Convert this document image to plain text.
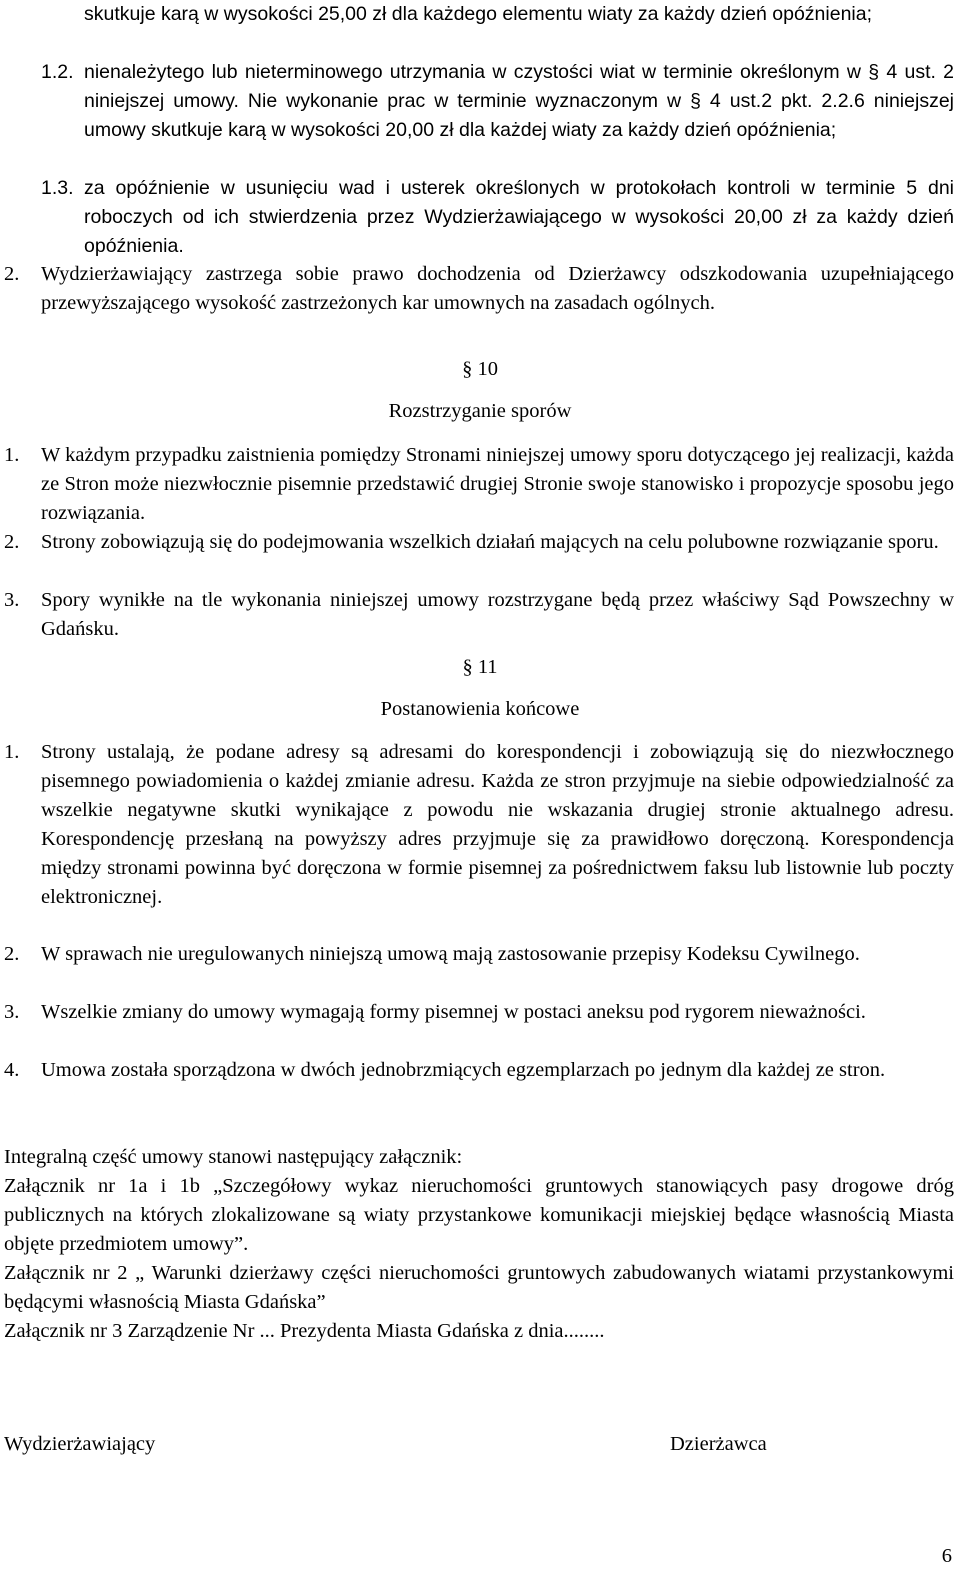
skutkuje karą w wysokości 25,00 zł dla każdego elementu wiaty za każdy dzień opóźnienia;
1.2. nienależytego lub nieterminowego utrzymania w czystości wiat w terminie określonym w § 4 ust. 2 niniejszej umowy. Nie wykonanie prac w terminie wyznaczonym w § 4 ust.2 pkt. 2.2.6 niniejszej umowy skutkuje karą w wysokości 20,00 zł dla każdej wiaty za każdy dzień opóźnienia;
1.3. za opóźnienie w usunięciu wad i usterek określonych w protokołach kontroli w terminie 5 dni roboczych od ich stwierdzenia przez Wydzierżawiającego w wysokości 20,00 zł za każdy dzień opóźnienia.
2. Wydzierżawiający zastrzega sobie prawo dochodzenia od Dzierżawcy odszkodowania uzupełniającego przewyższającego wysokość zastrzeżonych kar umownych na zasadach ogólnych.
§ 10
Rozstrzyganie sporów
1. W każdym przypadku zaistnienia pomiędzy Stronami niniejszej umowy sporu dotyczącego jej realizacji, każda ze Stron może niezwłocznie pisemnie przedstawić drugiej Stronie swoje stanowisko i propozycje sposobu jego rozwiązania.
2. Strony zobowiązują się do podejmowania wszelkich działań mających na celu polubowne rozwiązanie sporu.
3. Spory wynikłe na tle wykonania niniejszej umowy rozstrzygane będą przez właściwy Sąd Powszechny w Gdańsku.
§ 11
Postanowienia końcowe
1. Strony ustalają, że podane adresy są adresami do korespondencji i zobowiązują się do niezwłocznego pisemnego powiadomienia o każdej zmianie adresu. Każda ze stron przyjmuje na siebie odpowiedzialność za wszelkie negatywne skutki wynikające z powodu nie wskazania drugiej stronie aktualnego adresu. Korespondencję przesłaną na powyższy adres przyjmuje się za prawidłowo doręczoną. Korespondencja między stronami powinna być doręczona w formie pisemnej za pośrednictwem faksu lub listownie lub poczty elektronicznej.
2. W sprawach nie uregulowanych niniejszą umową mają zastosowanie przepisy Kodeksu Cywilnego.
3. Wszelkie zmiany do umowy wymagają formy pisemnej w postaci aneksu pod rygorem nieważności.
4. Umowa została sporządzona w dwóch jednobrzmiących egzemplarzach po jednym dla każdej ze stron.
Integralną część umowy stanowi następujący załącznik:
Załącznik nr 1a i 1b „Szczegółowy wykaz nieruchomości gruntowych stanowiących pasy drogowe dróg publicznych na których zlokalizowane są wiaty przystankowe komunikacji miejskiej będące własnością Miasta objęte przedmiotem umowy”.
Załącznik nr 2 „ Warunki dzierżawy części nieruchomości gruntowych zabudowanych wiatami przystankowymi będącymi własnością Miasta Gdańska”
Załącznik nr 3 Zarządzenie Nr ... Prezydenta Miasta Gdańska z dnia........
Wydzierżawiający	Dzierżawca
6
